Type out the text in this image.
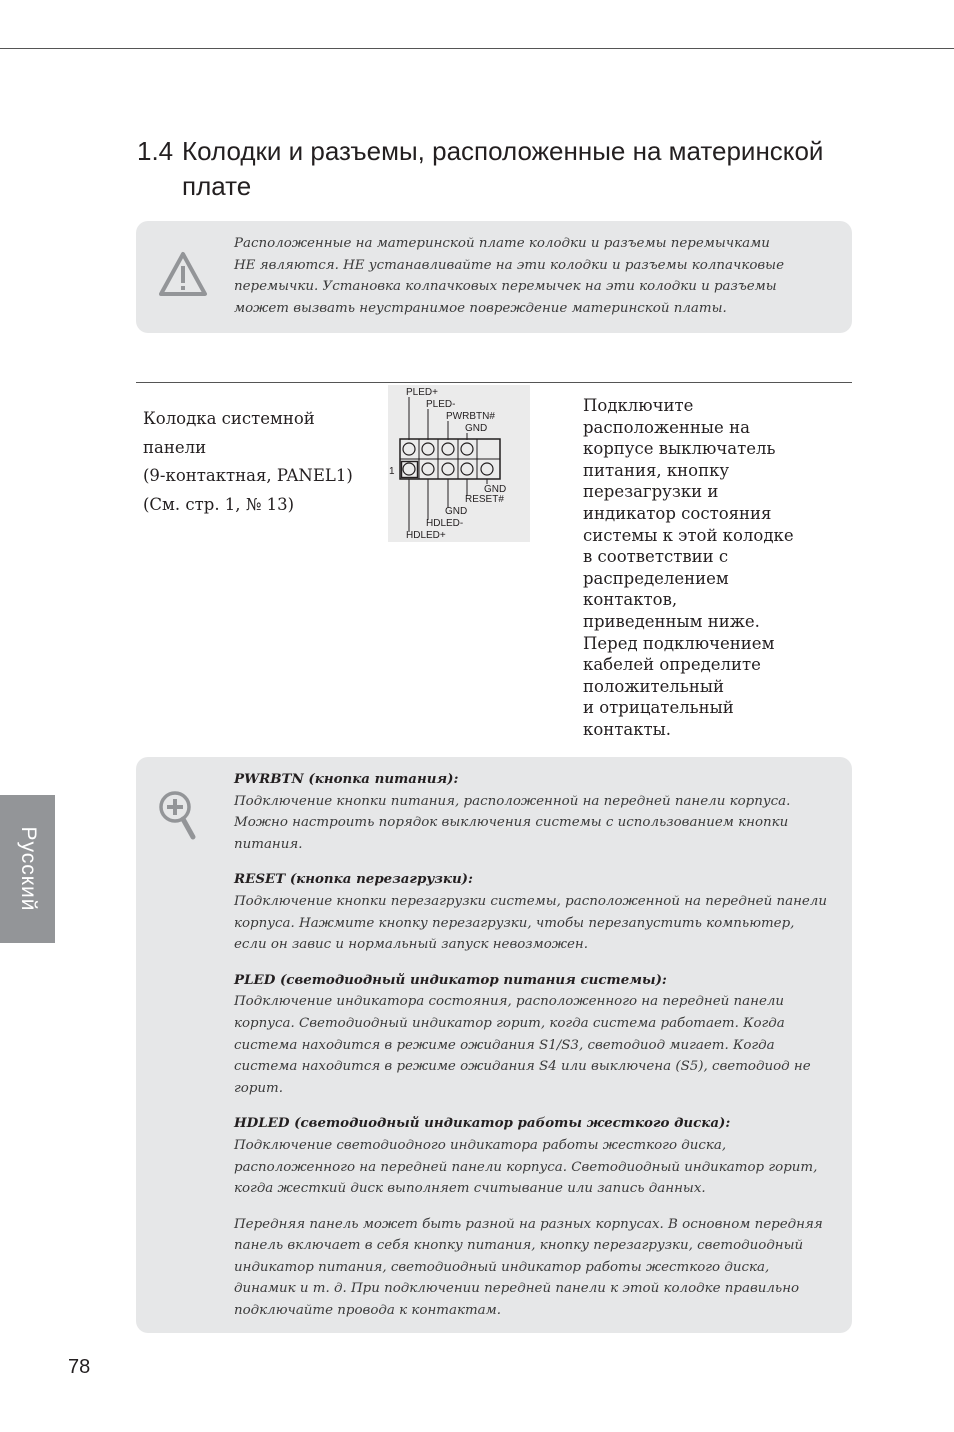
1.4 Колодки и разъемы, расположенные на материнской
плате
Расположенные на материнской плате колодки и разъемы перемычками
НЕ являются. НЕ устанавливайте на эти колодки и разъемы колпачковые
перемычки. Установка колпачковых перемычек на эти колодки и разъемы
может вызвать неустранимое повреждение материнской платы.
Колодка системной
панели
(9-контактная, PANEL1)
(См. стр. 1, № 13)
PLED+
PLED-
PWRBTN#
GND
1
GND
RESET#
GND
HDLED-
HDLED+
Подключите
расположенные на
корпусе выключатель
питания, кнопку
перезагрузки и
индикатор состояния
системы к этой колодке
в соответствии с
распределением
контактов,
приведенным ниже.
Перед подключением
кабелей определите
положительный
и отрицательный
контакты.
PWRBTN (кнопка питания):
Подключение кнопки питания, расположенной на передней панели корпуса.
Можно настроить порядок выключения системы с использованием кнопки
питания.
RESET (кнопка перезагрузки):
Подключение кнопки перезагрузки системы, расположенной на передней панели
корпуса. Нажмите кнопку перезагрузки, чтобы перезапустить компьютер,
если он завис и нормальный запуск невозможен.
PLED (светодиодный индикатор питания системы):
Подключение индикатора состояния, расположенного на передней панели
корпуса. Светодиодный индикатор горит, когда система работает. Когда
система находится в режиме ожидания S1/S3, светодиод мигает. Когда
система находится в режиме ожидания S4 или выключена (S5), светодиод не
горит.
HDLED (светодиодный индикатор работы жесткого диска):
Подключение светодиодного индикатора работы жесткого диска,
расположенного на передней панели корпуса. Светодиодный индикатор горит,
когда жесткий диск выполняет считывание или запись данных.
Передняя панель может быть разной на разных корпусах. В основном передняя
панель включает в себя кнопку питания, кнопку перезагрузки, светодиодный
индикатор питания, светодиодный индикатор работы жесткого диска,
динамик и т. д. При подключении передней панели к этой колодке правильно
подключайте провода к контактам.
Русский
78
